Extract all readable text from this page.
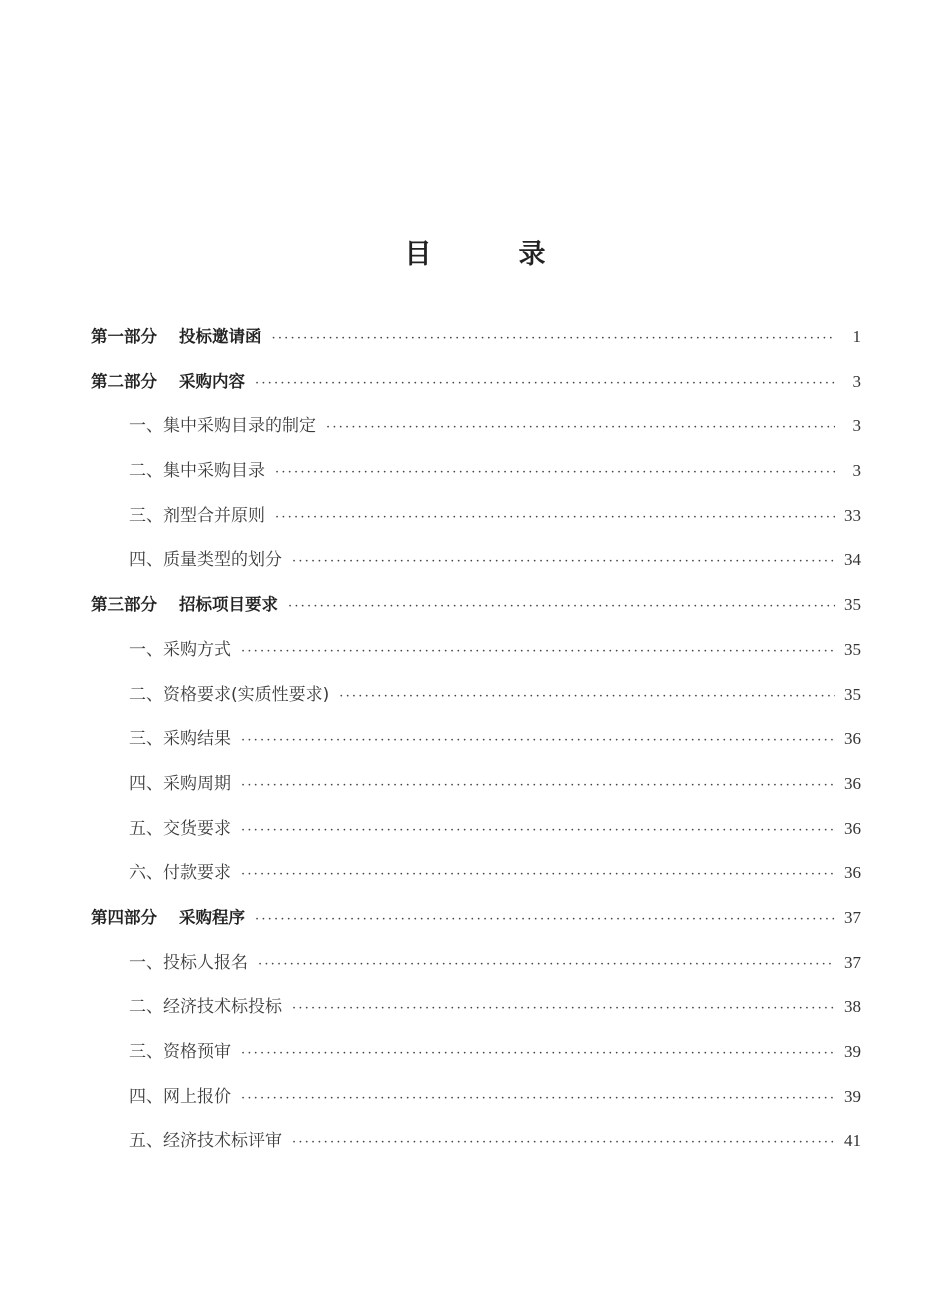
目　录
第一部分 投标邀请函 ·····	1
第二部分 采购内容 ·····	3
一、集中采购目录的制定 ·····	3
二、集中采购目录 ·····	3
三、剂型合并原则 ·····	33
四、质量类型的划分 ·····	34
第三部分 招标项目要求 ·····	35
一、采购方式 ·····	35
二、资格要求(实质性要求) ·····	35
三、采购结果 ·····	36
四、采购周期 ·····	36
五、交货要求 ·····	36
六、付款要求 ·····	36
第四部分 采购程序 ·····	37
一、投标人报名 ·····	37
二、经济技术标投标 ·····	38
三、资格预审 ·····	39
四、网上报价 ·····	39
五、经济技术标评审 ·····	41
